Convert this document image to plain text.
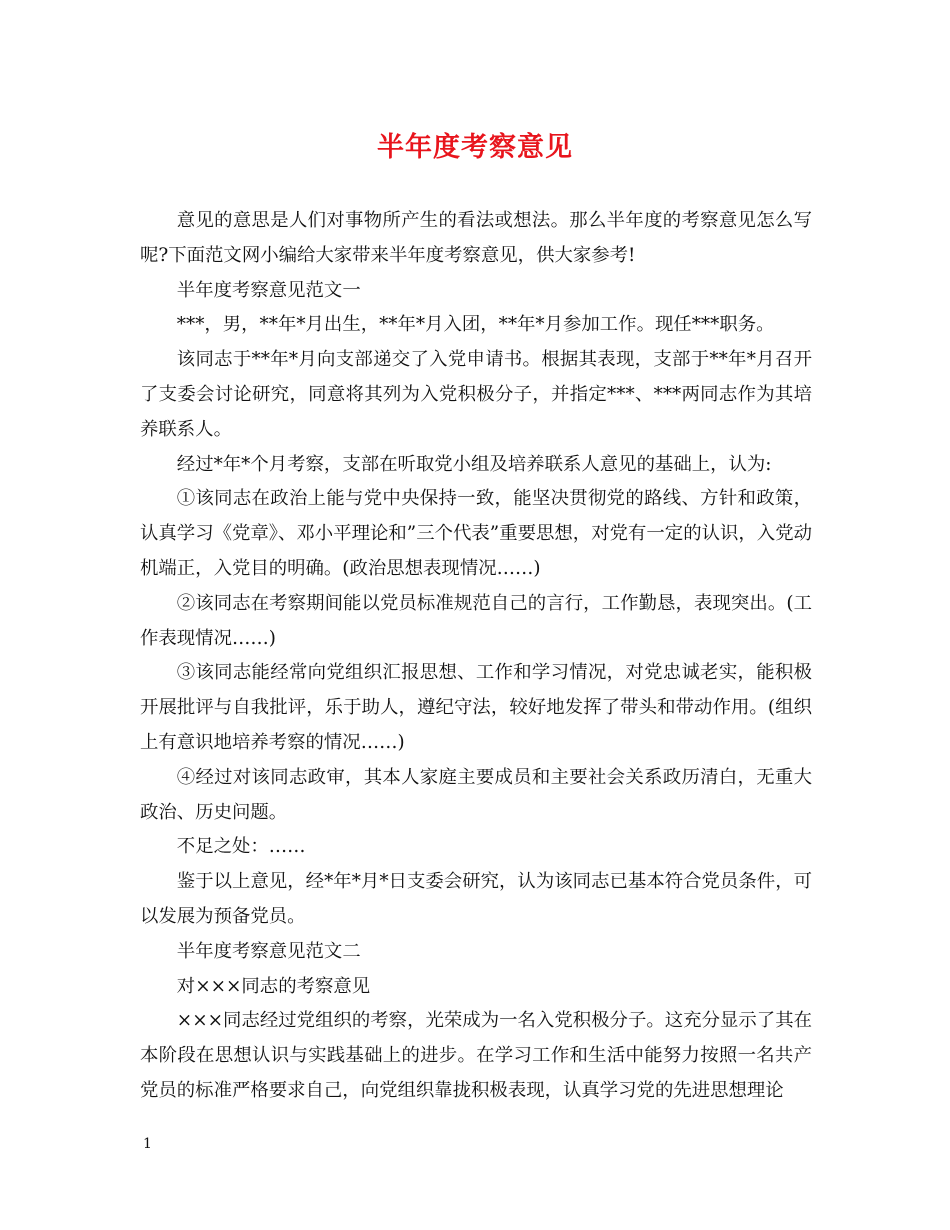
半年度考察意见

意见的意思是人们对事物所产生的看法或想法。那么半年度的考察意见怎么写呢?下面范文网小编给大家带来半年度考察意见，供大家参考!

半年度考察意见范文一

***，男，**年*月出生，**年*月入团，**年*月参加工作。现任***职务。

该同志于**年*月向支部递交了入党申请书。根据其表现，支部于**年*月召开了支委会讨论研究，同意将其列为入党积极分子，并指定***、***两同志作为其培养联系人。

经过*年*个月考察，支部在听取党小组及培养联系人意见的基础上，认为:

①该同志在政治上能与党中央保持一致，能坚决贯彻党的路线、方针和政策，认真学习《党章》、邓小平理论和”三个代表”重要思想，对党有一定的认识，入党动机端正，入党目的明确。(政治思想表现情况……)

②该同志在考察期间能以党员标准规范自己的言行，工作勤恳，表现突出。(工作表现情况……)

③该同志能经常向党组织汇报思想、工作和学习情况，对党忠诚老实，能积极开展批评与自我批评，乐于助人，遵纪守法，较好地发挥了带头和带动作用。(组织上有意识地培养考察的情况……)

④经过对该同志政审，其本人家庭主要成员和主要社会关系政历清白，无重大政治、历史问题。

不足之处：……

鉴于以上意见，经*年*月*日支委会研究，认为该同志已基本符合党员条件，可以发展为预备党员。

半年度考察意见范文二

对×××同志的考察意见

×××同志经过党组织的考察，光荣成为一名入党积极分子。这充分显示了其在本阶段在思想认识与实践基础上的进步。在学习工作和生活中能努力按照一名共产党员的标准严格要求自己，向党组织靠拢积极表现，认真学习党的先进思想理论

1
